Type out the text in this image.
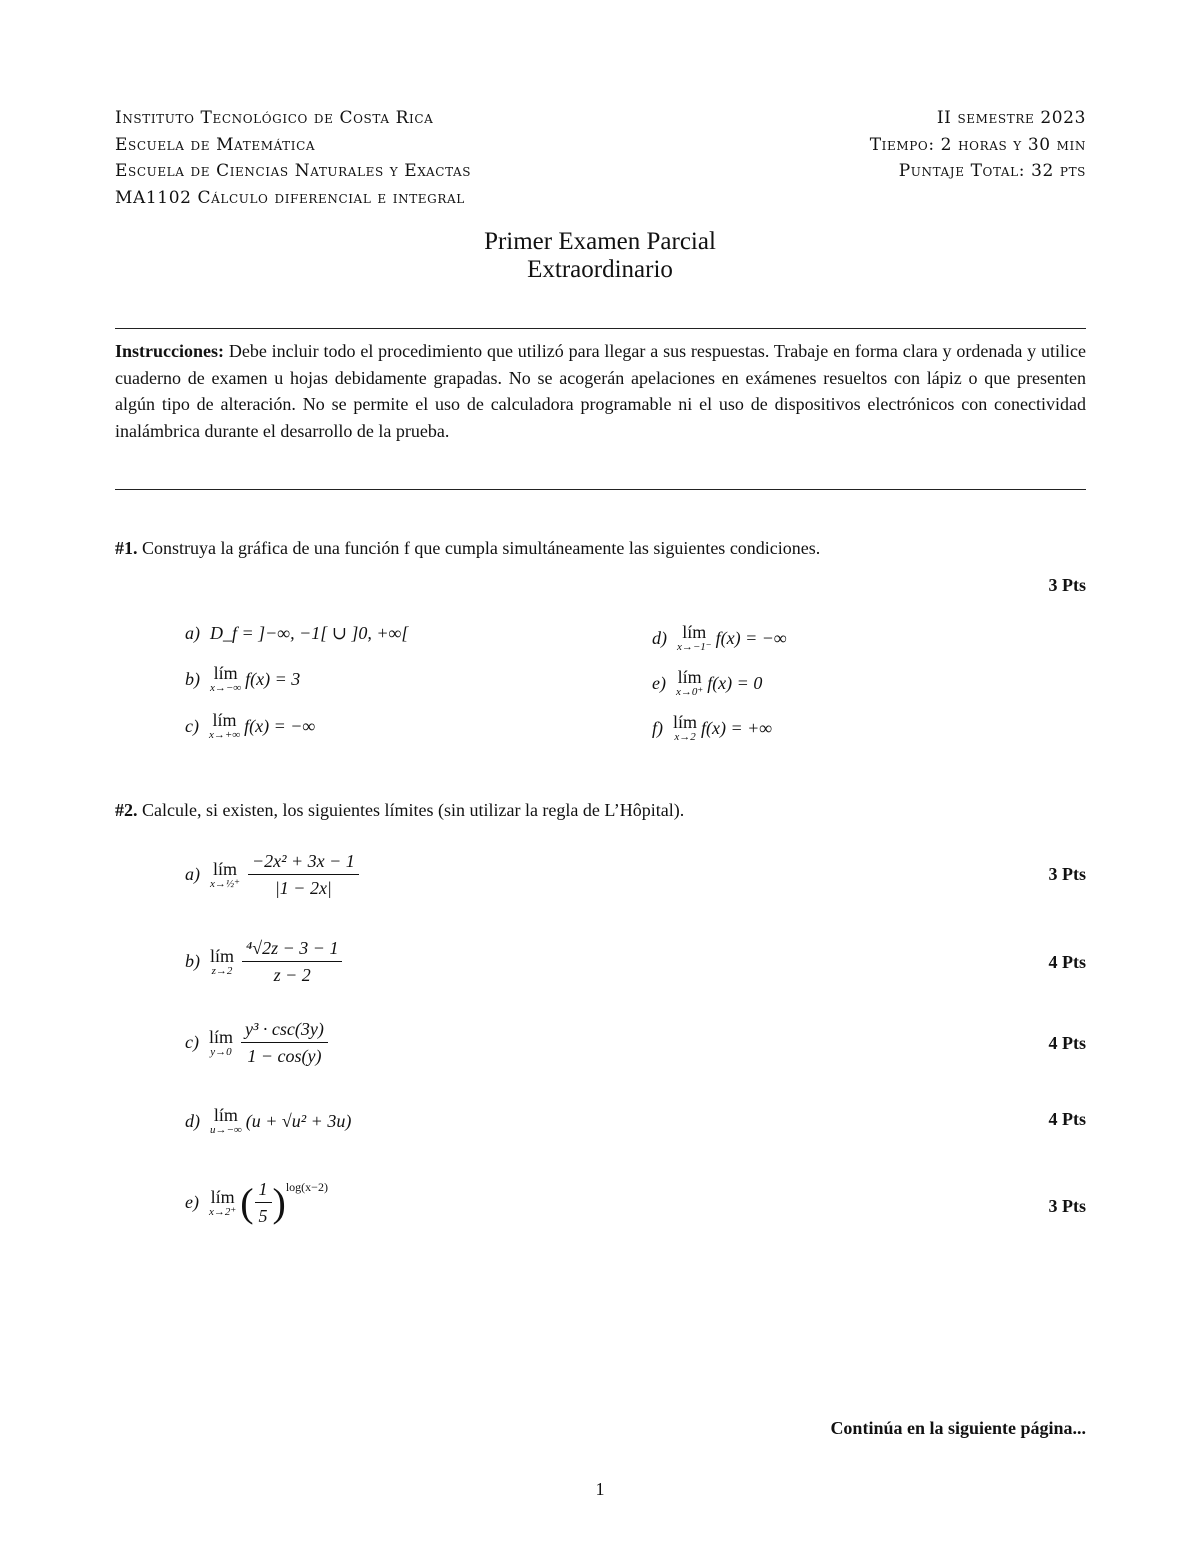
Instituto Tecnológico de Costa Rica
Escuela de Matemática
Escuela de Ciencias Naturales y Exactas
MA1102 Cálculo diferencial e integral
II semestre 2023
Tiempo: 2 horas y 30 min
Puntaje Total: 32 pts
Primer Examen Parcial
Extraordinario
Instrucciones: Debe incluir todo el procedimiento que utilizó para llegar a sus respuestas. Trabaje en forma clara y ordenada y utilice cuaderno de examen u hojas debidamente grapadas. No se acogerán apelaciones en exámenes resueltos con lápiz o que presenten algún tipo de alteración. No se permite el uso de calculadora programable ni el uso de dispositivos electrónicos con conectividad inalámbrica durante el desarrollo de la prueba.
#1. Construya la gráfica de una función f que cumpla simultáneamente las siguientes condiciones.
3 Pts
a) D_f = ]−∞, −1[ ∪ ]0, +∞[
b) lím
x→−∞ f(x) = 3
c) lím
x→+∞ f(x) = −∞
d) lím
x→−1⁻ f(x) = −∞
e) lím
x→0⁺ f(x) = 0
f) lím
x→2 f(x) = +∞
#2. Calcule, si existen, los siguientes límites (sin utilizar la regla de L’Hôpital).
a) lím
x→½⁺ $\frac{\text{−2x² + 3x − 1}}{|1 - 2x|}$	3 Pts
b) lím
$z\to 2 \frac{\text{⁴√2z − 3 − 1}}{z - 2}$	4 Pts
c) lím
$y\to 0 \frac{\text{y³ · csc(3y)}}{1 - \cos(y)}$	4 Pts
d) lím
u→−∞ (u + √u² + 3u)	4 Pts
e) lím
x→2⁺ ( $\frac{1}{5}$ ) log(x−2)
3 Pts
Continúa en la siguiente página...
1
